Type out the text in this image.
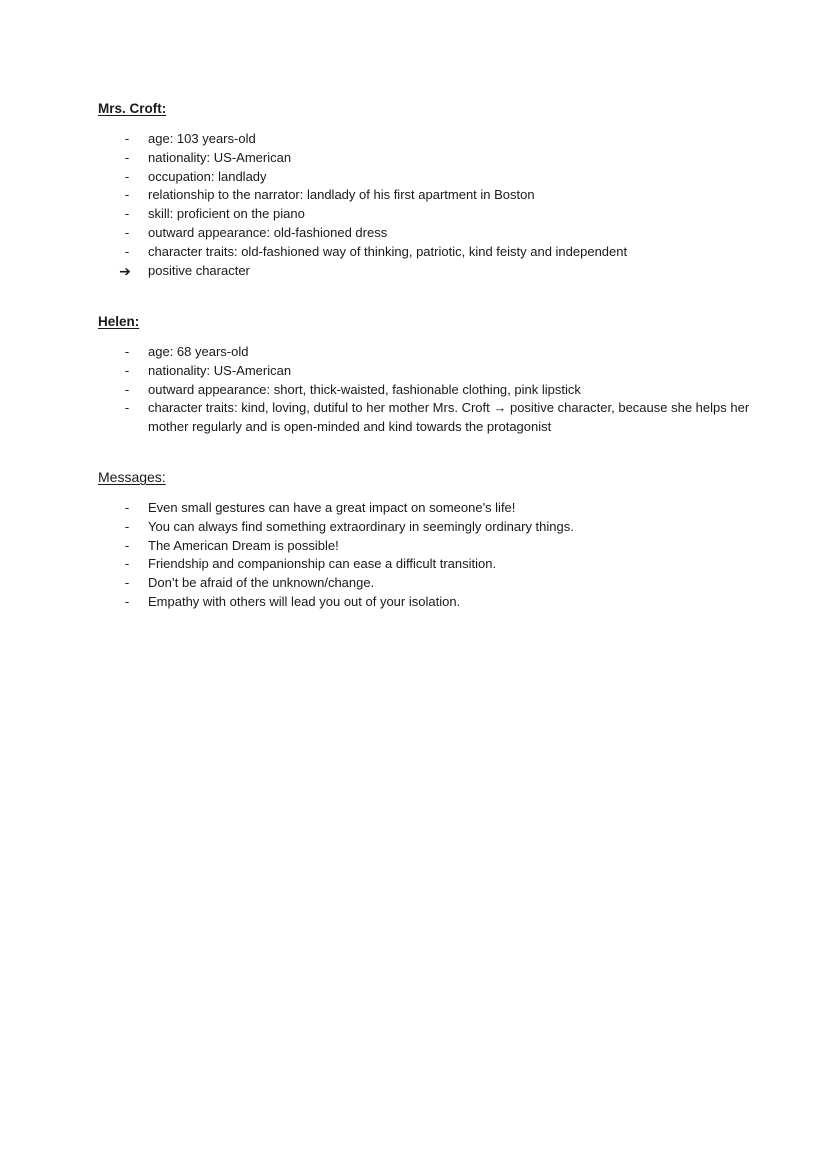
Mrs. Croft:

-	age: 103 years-old
-	nationality: US-American
-	occupation: landlady
-	relationship to the narrator: landlady of his first apartment in Boston
-	skill: proficient on the piano
-	outward appearance: old-fashioned dress
-	character traits: old-fashioned way of thinking, patriotic, kind feisty and independent
➔ positive character

Helen:

-	age: 68 years-old
-	nationality: US-American
-	outward appearance: short, thick-waisted, fashionable clothing, pink lipstick
-	character traits: kind, loving, dutiful to her mother Mrs. Croft → positive character, because she helps her mother regularly and is open-minded and kind towards the protagonist

Messages:

-	Even small gestures can have a great impact on someone's life!
-	You can always find something extraordinary in seemingly ordinary things.
-	The American Dream is possible!
-	Friendship and companionship can ease a difficult transition.
-	Don’t be afraid of the unknown/change.
-	Empathy with others will lead you out of your isolation.
